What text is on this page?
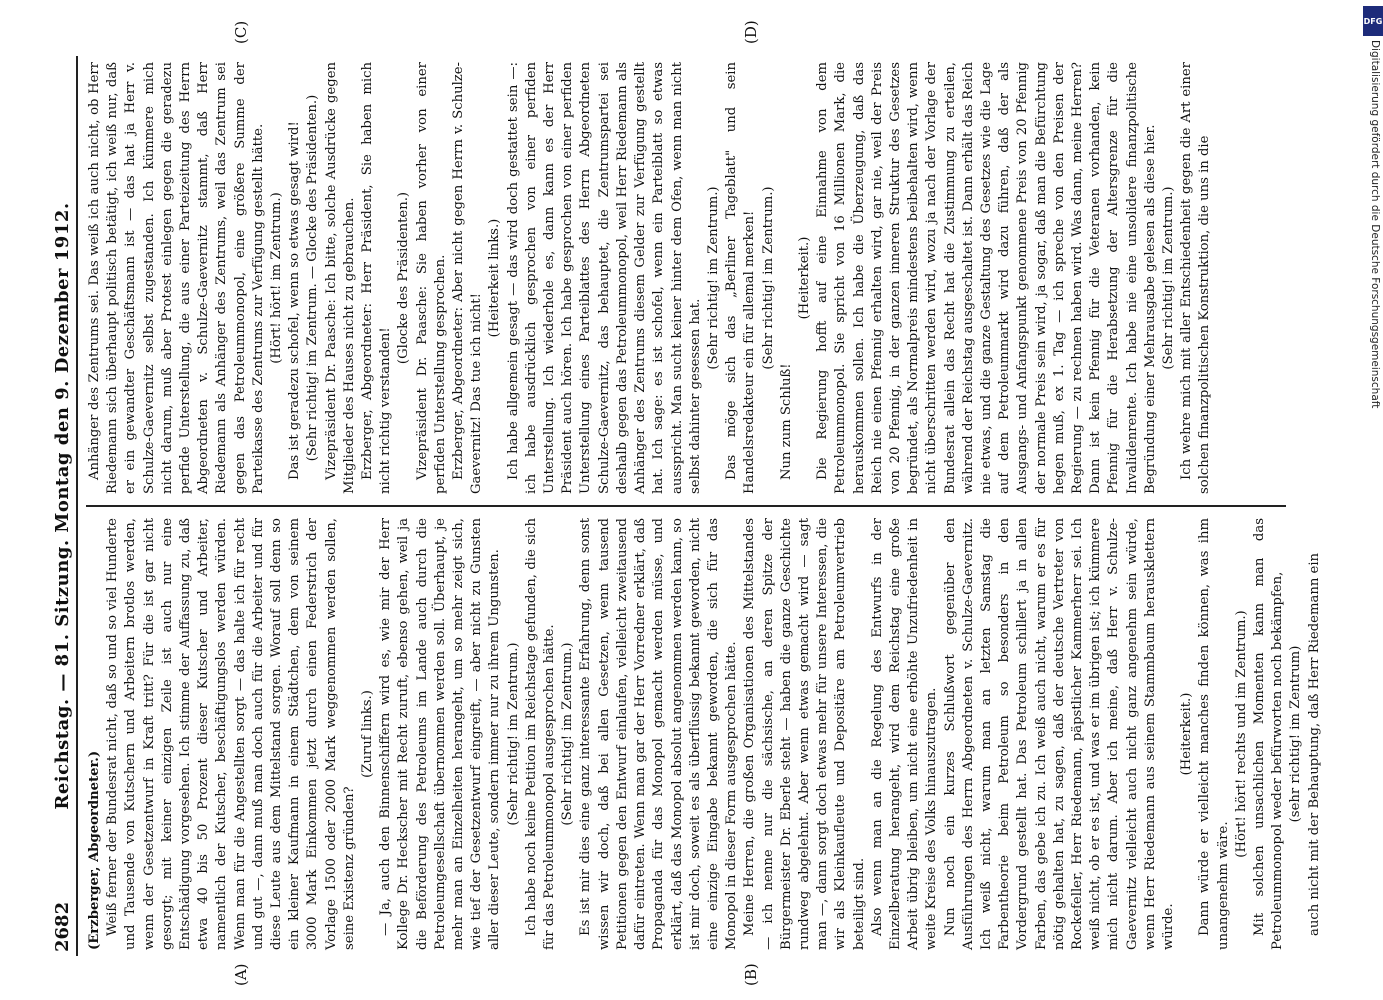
2682
Reichstag. — 81. Sitzung. Montag den 9. Dezember 1912.
(A)	(B)
(C)	(D)

(Erzberger, Abgeordneter.) Weiß ferner der Bundesrat nicht, daß so und so viel Hunderte und Tausende von Kutschern und Arbeitern brotlos werden, wenn der Gesetzentwurf in Kraft tritt? Für die ist gar nicht gesorgt; mit keiner einzigen Zeile ist auch nur eine Entschädigung vorgesehen. Ich stimme der Auffassung zu, daß etwa 40 bis 50 Prozent dieser Kutscher und Arbeiter, namentlich der Kutscher, beschäftigungslos werden würden. Wenn man für die Angestellten sorgt — das halte ich für recht und gut —, dann muß man doch auch für die Arbeiter und für diese Leute aus dem Mittelstand sorgen. Worauf soll denn so ein kleiner Kaufmann in einem Städtchen, dem von seinem 3000 Mark Einkommen jetzt durch einen Federstrich der Vorlage 1500 oder 2000 Mark weggenommen werden sollen, seine Existenz gründen?

(Zuruf links.) — Ja, auch den Binnenschiffern wird es, wie mir der Herr Kollege Dr. Heckscher mit Recht zuruft, ebenso gehen, weil ja die Beförderung des Petroleums im Lande auch durch die Petroleumgesellschaft übernommen werden soll. Überhaupt, je mehr man an Einzelheiten herangeht, um so mehr zeigt sich, wie tief der Gesetzentwurf eingreift, — aber nicht zu Gunsten aller dieser Leute, sondern immer nur zu ihrem Ungunsten. (Sehr richtig! im Zentrum.) Ich habe noch keine Petition im Reichstage gefunden, die sich für das Petroleummonopol ausgesprochen hätte. (Sehr richtig! im Zentrum.) Es ist mir dies eine ganz interessante Erfahrung, denn sonst wissen wir doch, daß bei allen Gesetzen, wenn tausend Petitionen gegen den Entwurf einlaufen, vielleicht zweitausend dafür eintreten. Wenn man gar der Herr Vorredner erklärt, daß Propaganda für das Monopol gemacht werden müsse, und erklärt, daß das Monopol absolut angenommen werden kann, so ist mir doch, soweit es als überflüssig bekannt geworden, nicht eine einzige Eingabe bekannt geworden, die sich für das Monopol in dieser Form ausgesprochen hätte. Meine Herren, die großen Organisationen des Mittelstandes — ich nenne nur die sächsische, an deren Spitze der Bürgermeister Dr. Eberle steht — haben die ganze Geschichte rundweg abgelehnt. Aber wenn etwas gemacht wird — sagt man —, dann sorgt doch etwas mehr für unsere Interessen, die wir als Kleinkaufleute und Depositäre am Petroleumvertrieb beteiligt sind. Also wenn man an die Regelung des Entwurfs in der Einzelberatung herangeht, wird dem Reichstag eine große Arbeit übrig bleiben, um nicht eine erhöhte Unzufriedenheit in weite Kreise des Volks hinauszutragen. Nun noch ein kurzes Schlußwort gegenüber den Ausführungen des Herrn Abgeordneten v. Schulze-Gaevernitz. Ich weiß nicht, warum man an letzten Samstag die Farbentheorie beim Petroleum so besonders in den Vordergrund gestellt hat. Das Petroleum schillert ja in allen Farben, das gebe ich zu. Ich weiß auch nicht, warum er es für nötig gehalten hat, zu sagen, daß der deutsche Vertreter von Rockefeller, Herr Riedemann, päpstlicher Kammerherr sei. Ich weiß nicht, ob er es ist, und was er im übrigen ist; ich kümmere mich nicht darum. Aber ich meine, daß Herr v. Schulze-Gaevernitz vielleicht auch nicht ganz angenehm sein würde, wenn Herr Riedemann aus seinem Stammbaum herausklettern würde.

(Heiterkeit.) Dann würde er vielleicht manches finden können, was ihm unangenehm wäre.

(Hört! hört! rechts und im Zentrum.) Mit solchen unsachlichen Momenten kann man das Petroleummonopol weder befürworten noch bekämpfen, (sehr richtig! im Zentrum) auch nicht mit der Behauptung, daß Herr Riedemann ein

Anhänger des Zentrums sei. Das weiß ich auch nicht, ob Herr Riedemann sich überhaupt politisch betätigt, ich weiß nur, daß er ein gewandter Geschäftsmann ist — das hat ja Herr v. Schulze-Gaevernitz selbst zugestanden. Ich kümmere mich nicht darum, muß aber Protest einlegen gegen die geradezu perfide Unterstellung, die aus einer Parteizeitung des Herrn Abgeordneten v. Schulze-Gaevernitz stammt, daß Herr Riedemann als Anhänger des Zentrums, weil das Zentrum sei gegen das Petroleummonopol, eine größere Summe der Parteikasse des Zentrums zur Verfügung gestellt hätte. (Hört! hört! im Zentrum.) Das ist geradezu schofel, wenn so etwas gesagt wird! (Sehr richtig! im Zentrum. — Glocke des Präsidenten.) Vizepräsident Dr. Paasche: Ich bitte, solche Ausdrücke gegen Mitglieder des Hauses nicht zu gebrauchen. Erzberger, Abgeordneter: Herr Präsident, Sie haben mich nicht richtig verstanden!

(Glocke des Präsidenten.) Vizepräsident Dr. Paasche: Sie haben vorher von einer perfiden Unterstellung gesprochen. Erzberger, Abgeordneter: Aber nicht gegen Herrn v. Schulze-Gaevernitz! Das tue ich nicht!

(Heiterkeit links.) Ich habe allgemein gesagt — das wird doch gestattet sein —: ich habe ausdrücklich gesprochen von einer perfiden Unterstellung. Ich wiederhole es, dann kann es der Herr Präsident auch hören. Ich habe gesprochen von einer perfiden Unterstellung eines Parteiblattes des Herrn Abgeordneten Schulze-Gaevernitz, das behauptet, die Zentrumspartei sei deshalb gegen das Petroleummonopol, weil Herr Riedemann als Anhänger des Zentrums diesem Gelder zur Verfügung gestellt hat. Ich sage: es ist schofel, wenn ein Parteiblatt so etwas ausspricht. Man sucht keiner hinter dem Ofen, wenn man nicht selbst dahinter gesessen hat.

(Sehr richtig! im Zentrum.) Das möge sich das „Berliner Tageblatt" und sein Handelsredakteur ein für allemal merken! (Sehr richtig! im Zentrum.)

Nun zum Schluß!

(Heiterkeit.) Die Regierung hofft auf eine Einnahme von dem Petroleummonopol. Sie spricht von 16 Millionen Mark, die herauskommen sollen. Ich habe die Überzeugung, daß das Reich nie einen Pfennig erhalten wird, gar nie, weil der Preis von 20 Pfennig, in der ganzen inneren Struktur des Gesetzes begründet, als Normalpreis mindestens beibehalten wird, wenn nicht überschritten werden wird, wozu ja nach der Vorlage der Bundesrat allein das Recht hat die Zustimmung zu erteilen, während der Reichstag ausgeschaltet ist. Dann erhält das Reich nie etwas, und die ganze Gestaltung des Gesetzes wie die Lage auf dem Petroleummarkt wird dazu führen, daß der als Ausgangs- und Anfangspunkt genommene Preis von 20 Pfennig der normale Preis sein wird, ja sogar, daß man die Befürchtung hegen muß, ex 1. Tag — ich spreche von den Preisen der Regierung — zu rechnen haben wird. Was dann, meine Herren? Dann ist kein Pfennig für die Veteranen vorhanden, kein Pfennig für die Herabsetzung der Altersgrenze für die Invalidenrente. Ich habe nie eine unsolidere finanzpolitische Begründung einer Mehrausgabe gelesen als diese hier. (Sehr richtig! im Zentrum.) Ich wehre mich mit aller Entschiedenheit gegen die Art einer solchen finanzpolitischen Konstruktion, die uns in die

DFG
Digitalisierung gefördert durch die Deutsche Forschungsgemeinschaft
